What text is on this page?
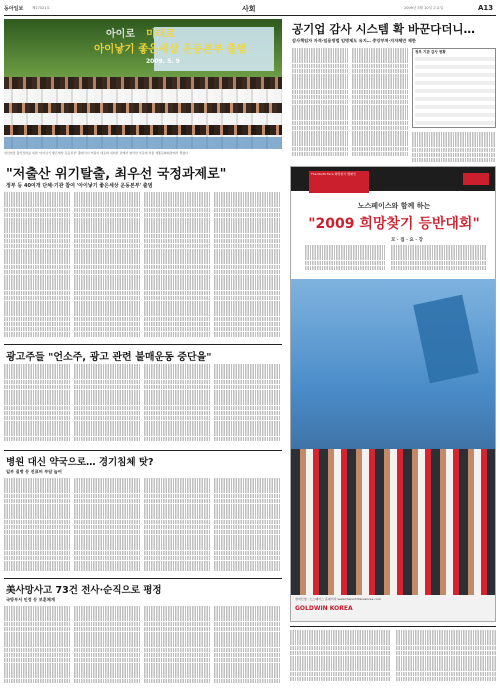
동아일보 제27021호	사회	2009년 5월 10일 수요일	A13
아이로 미래로
아이낳기 좋은세상 운동본부 출범
2009. 5. 9
일선현장 출산장려를 위한 '아이낳기 좋은세상 운동본부' 출범식이 어린이 대표와 내외빈 관계자 참석한 가운데 서울 세종문화회관에서 열렸다.
"저출산 위기탈출, 최우선 국정과제로"
정부 등 40여개 단체·기관 참여 '아이낳기 좋은세상 운동본부' 출범
공기업 감사 시스템 확 바꾼다더니…
감사책임자 자격·임용방법 임명제도 유지… 중앙부처·지자체만 제한
정부 기관 감사 현황
The North Face 희망찾기 캠페인
노스페이스와 함께 하는
"2009 희망찾기 등반대회"
모 · 집 · 요 · 강
GOLDWIN KOREA
참여신청 : 노스페이스 홈페이지 www.thenorthfacekorea.co.kr
광고주들 "언소주, 광고 관련 불매운동 중단을"
병원 대신 약국으로… 경기침체 탓?
일부 질병 등 진료비 부담 늘어
美사망사고 73건 전사·순직으로 평정
국방부서 인정 등 보훈체계
